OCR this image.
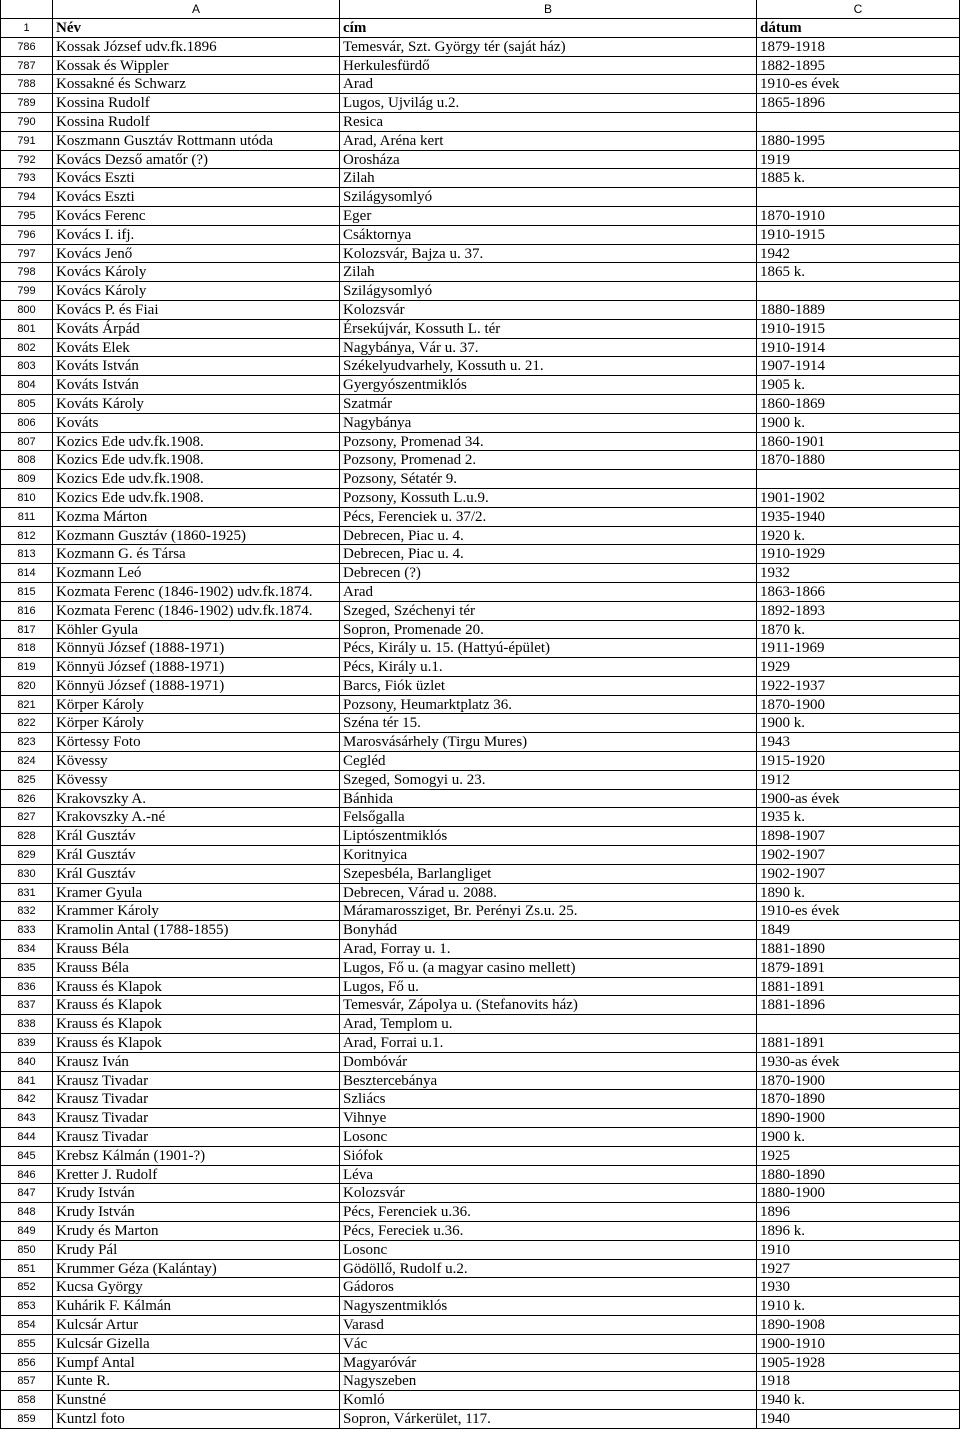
A	B	C
1	Név	cím	dátum
786	Kossak József udv.fk.1896	Temesvár, Szt. György tér (saját ház)	1879-1918
787	Kossak és Wippler	Herkulesfürdő	1882-1895
788	Kossakné és Schwarz	Arad	1910-es évek
789	Kossina Rudolf	Lugos, Ujvilág u.2.	1865-1896
790	Kossina Rudolf	Resica
791	Koszmann Gusztáv Rottmann utóda	Arad, Aréna kert	1880-1995
792	Kovács Dezső amatőr (?)	Orosháza	1919
793	Kovács Eszti	Zilah	1885 k.
794	Kovács Eszti	Szilágysomlyó
795	Kovács Ferenc	Eger	1870-1910
796	Kovács I. ifj.	Csáktornya	1910-1915
797	Kovács Jenő	Kolozsvár, Bajza u. 37.	1942
798	Kovács Károly	Zilah	1865 k.
799	Kovács Károly	Szilágysomlyó
800	Kovács P. és Fiai	Kolozsvár	1880-1889
801	Kováts Árpád	Érsekújvár, Kossuth L. tér	1910-1915
802	Kováts Elek	Nagybánya, Vár u. 37.	1910-1914
803	Kováts István	Székelyudvarhely, Kossuth u. 21.	1907-1914
804	Kováts István	Gyergyószentmiklós	1905 k.
805	Kováts Károly	Szatmár	1860-1869
806	Kováts	Nagybánya	1900 k.
807	Kozics Ede udv.fk.1908.	Pozsony, Promenad 34.	1860-1901
808	Kozics Ede udv.fk.1908.	Pozsony, Promenad 2.	1870-1880
809	Kozics Ede udv.fk.1908.	Pozsony, Sétatér 9.
810	Kozics Ede udv.fk.1908.	Pozsony, Kossuth L.u.9.	1901-1902
811	Kozma Márton	Pécs, Ferenciek u. 37/2.	1935-1940
812	Kozmann Gusztáv (1860-1925)	Debrecen, Piac u. 4.	1920 k.
813	Kozmann G. és Társa	Debrecen, Piac u. 4.	1910-1929
814	Kozmann Leó	Debrecen (?)	1932
815	Kozmata Ferenc (1846-1902) udv.fk.1874.	Arad	1863-1866
816	Kozmata Ferenc (1846-1902) udv.fk.1874.	Szeged, Széchenyi tér	1892-1893
817	Köhler Gyula	Sopron, Promenade 20.	1870 k.
818	Könnyü József (1888-1971)	Pécs, Király u. 15. (Hattyú-épület)	1911-1969
819	Könnyü József (1888-1971)	Pécs, Király u.1.	1929
820	Könnyü József (1888-1971)	Barcs, Fiók üzlet	1922-1937
821	Körper Károly	Pozsony, Heumarktplatz 36.	1870-1900
822	Körper Károly	Széna tér 15.	1900 k.
823	Körtessy Foto	Marosvásárhely (Tirgu Mures)	1943
824	Kövessy	Cegléd	1915-1920
825	Kövessy	Szeged, Somogyi u. 23.	1912
826	Krakovszky A.	Bánhida	1900-as évek
827	Krakovszky A.-né	Felsőgalla	1935 k.
828	Král Gusztáv	Liptószentmiklós	1898-1907
829	Král Gusztáv	Koritnyica	1902-1907
830	Král Gusztáv	Szepesbéla, Barlangliget	1902-1907
831	Kramer Gyula	Debrecen, Várad u. 2088.	1890 k.
832	Krammer Károly	Máramarossziget, Br. Perényi Zs.u. 25.	1910-es évek
833	Kramolin Antal (1788-1855)	Bonyhád	1849
834	Krauss Béla	Arad, Forray u. 1.	1881-1890
835	Krauss Béla	Lugos, Fő u. (a magyar casino mellett)	1879-1891
836	Krauss és Klapok	Lugos, Fő u.	1881-1891
837	Krauss és Klapok	Temesvár, Zápolya u. (Stefanovits ház)	1881-1896
838	Krauss és Klapok	Arad, Templom u.
839	Krauss és Klapok	Arad, Forrai u.1.	1881-1891
840	Krausz Iván	Dombóvár	1930-as évek
841	Krausz Tivadar	Besztercebánya	1870-1900
842	Krausz Tivadar	Szliács	1870-1890
843	Krausz Tivadar	Vihnye	1890-1900
844	Krausz Tivadar	Losonc	1900 k.
845	Krebsz Kálmán (1901-?)	Siófok	1925
846	Kretter J. Rudolf	Léva	1880-1890
847	Krudy István	Kolozsvár	1880-1900
848	Krudy István	Pécs, Ferenciek u.36.	1896
849	Krudy és Marton	Pécs, Fereciek u.36.	1896 k.
850	Krudy Pál	Losonc	1910
851	Krummer Géza (Kalántay)	Gödöllő, Rudolf u.2.	1927
852	Kucsa György	Gádoros	1930
853	Kuhárik F. Kálmán	Nagyszentmiklós	1910 k.
854	Kulcsár Artur	Varasd	1890-1908
855	Kulcsár Gizella	Vác	1900-1910
856	Kumpf Antal	Magyaróvár	1905-1928
857	Kunte R.	Nagyszeben	1918
858	Kunstné	Komló	1940 k.
859	Kuntzl foto	Sopron, Várkerület, 117.	1940
